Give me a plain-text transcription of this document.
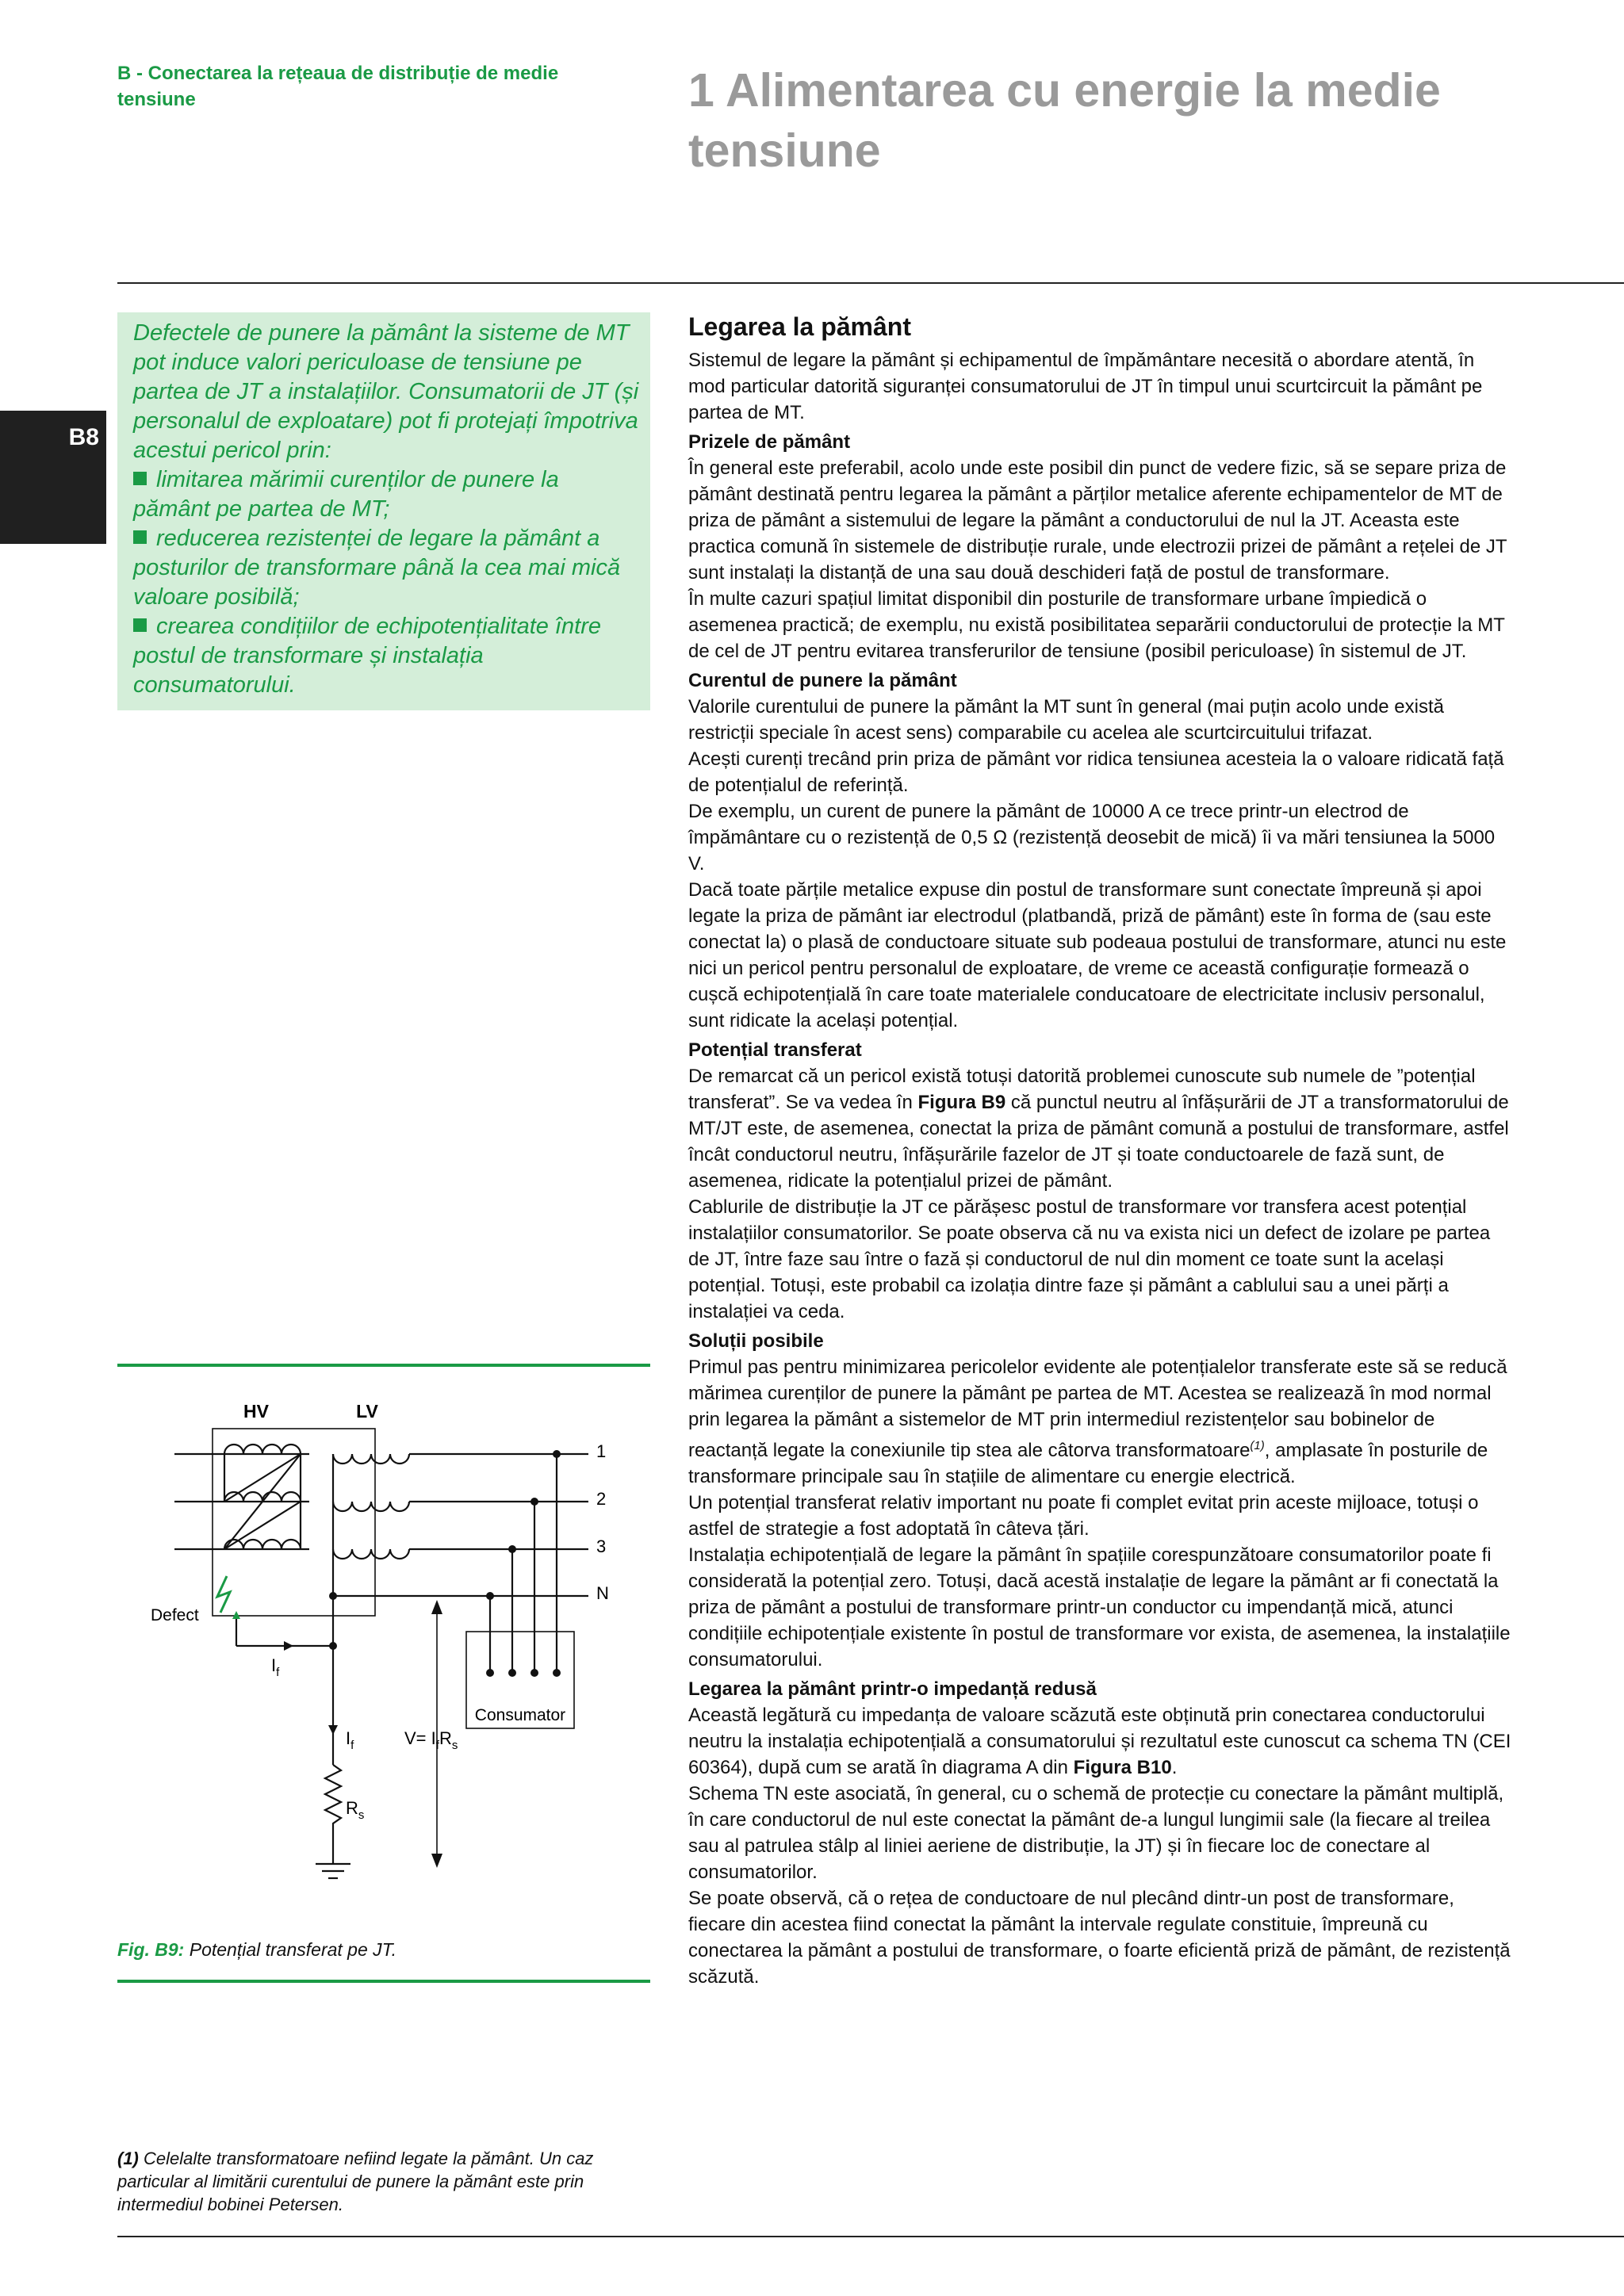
B - Conectarea la rețeaua de distribuție de medie tensiune	1 Alimentarea cu energie la medie tensiune
B8

Defectele de punere la pământ la sisteme de MT pot induce valori periculoase de tensiune pe partea de JT a instalațiilor. Consumatorii de JT (și personalul de exploatare) pot fi protejați împotriva acestui pericol prin:

limitarea mărimii curenților de punere la pământ pe partea de MT;

reducerea rezistenței de legare la pământ a posturilor de transformare până la cea mai mică valoare posibilă;

crearea condițiilor de echipotențialitate între postul de transformare și instalația consumatorului.

HV	LV
1
2
3
N
Defect
$I_f$
$I_f$
$R_s$
$V= I_fR_s$
Consumator
Fig. B9: Potențial transferat pe JT.
(1) Celelalte transformatoare nefiind legate la pământ. Un caz particular al limitării curentului de punere la pământ este prin intermediul bobinei Petersen.
Legarea la pământ

Sistemul de legare la pământ și echipamentul de împământare necesită o abordare atentă, în mod particular datorită siguranței consumatorului de JT în timpul unui scurtcircuit la pământ pe partea de MT.

Prizele de pământ

În general este preferabil, acolo unde este posibil din punct de vedere fizic, să se separe priza de pământ destinată pentru legarea la pământ a părților metalice aferente echipamentelor de MT de priza de pământ a sistemului de legare la pământ a conductorului de nul la JT. Aceasta este practica comună în sistemele de distribuție rurale, unde electrozii prizei de pământ a rețelei de JT sunt instalați la distanță de una sau două deschideri față de postul de transformare.

În multe cazuri spațiul limitat disponibil din posturile de transformare urbane împiedică o asemenea practică; de exemplu, nu există posibilitatea separării conductorului de protecție la MT de cel de JT pentru evitarea transferurilor de tensiune (posibil periculoase) în sistemul de JT.

Curentul de punere la pământ

Valorile curentului de punere la pământ la MT sunt în general (mai puțin acolo unde există restricții speciale în acest sens) comparabile cu acelea ale scurtcircuitului trifazat.

Acești curenți trecând prin priza de pământ vor ridica tensiunea acesteia la o valoare ridicată față de potențialul de referință.

De exemplu, un curent de punere la pământ de 10000 A ce trece printr-un electrod de împământare cu o rezistență de 0,5 Ω (rezistență deosebit de mică) îi va mări tensiunea la 5000 V.

Dacă toate părțile metalice expuse din postul de transformare sunt conectate împreună și apoi legate la priza de pământ iar electrodul (platbandă, priză de pământ) este în forma de (sau este conectat la) o plasă de conductoare situate sub podeaua postului de transformare, atunci nu este nici un pericol pentru personalul de exploatare, de vreme ce această configurație formează o cușcă echipotențială în care toate materialele conducatoare de electricitate inclusiv personalul, sunt ridicate la același potențial.

Potențial transferat

De remarcat că un pericol există totuși datorită problemei cunoscute sub numele de ”potențial transferat”. Se va vedea în Figura B9 că punctul neutru al înfășurării de JT a transformatorului de MT/JT este, de asemenea, conectat la priza de pământ comună a postului de transformare, astfel încât conductorul neutru, înfășurările fazelor de JT și toate conductoarele de fază sunt, de asemenea, ridicate la potențialul prizei de pământ.

Cablurile de distribuție la JT ce părășesc postul de transformare vor transfera acest potențial instalațiilor consumatorilor. Se poate observa că nu va exista nici un defect de izolare pe partea de JT, între faze sau între o fază și conductorul de nul din moment ce toate sunt la același potențial. Totuși, este probabil ca izolația dintre faze și pământ a cablului sau a unei părți a instalației va ceda.

Soluții posibile

Primul pas pentru minimizarea pericolelor evidente ale potențialelor transferate este să se reducă mărimea curenților de punere la pământ pe partea de MT. Acestea se realizează în mod normal prin legarea la pământ a sistemelor de MT prin intermediul rezistențelor sau bobinelor de reactanță legate la conexiunile tip stea ale câtorva transformatoare$^{(1)}$, amplasate în posturile de transformare principale sau în stațiile de alimentare cu energie electrică.

Un potențial transferat relativ important nu poate fi complet evitat prin aceste mijloace, totuși o astfel de strategie a fost adoptată în câteva țări.

Instalația echipotențială de legare la pământ în spațiile corespunzătoare consumatorilor poate fi considerată la potențial zero. Totuși, dacă acestă instalație de legare la pământ ar fi conectată la priza de pământ a postului de transformare printr-un conductor cu impendanță mică, atunci condițiile echipotențiale existente în postul de transformare vor exista, de asemenea, la instalațiile consumatorului.

Legarea la pământ printr-o impedanță redusă

Această legătură cu impedanța de valoare scăzută este obținută prin conectarea conductorului neutru la instalația echipotențială a consumatorului și rezultatul este cunoscut ca schema TN (CEI 60364), după cum se arată în diagrama A din Figura B10.

Schema TN este asociată, în general, cu o schemă de protecție cu conectare la pământ multiplă, în care conductorul de nul este conectat la pământ de-a lungul lungimii sale (la fiecare al treilea sau al patrulea stâlp al liniei aeriene de distribuție, la JT) și în fiecare loc de conectare al consumatorilor.

Se poate observă, că o rețea de conductoare de nul plecând dintr-un post de transformare, fiecare din acestea fiind conectat la pământ la intervale regulate constituie, împreună cu conectarea la pământ a postului de transformare, o foarte eficientă priză de pământ, de rezistență scăzută.
